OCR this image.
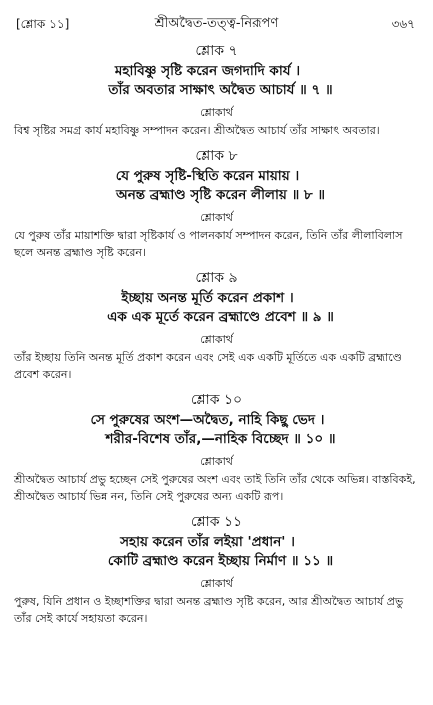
[শ্লোক ১১]	শ্রীঅদ্বৈত-তত্ত্ব-নিরূপণ	৩৬৭
শ্লোক ৭
মহাবিষ্ণু সৃষ্টি করেন জগদাদি কার্য ।
তাঁর অবতার সাক্ষাৎ অদ্বৈত আচার্য ॥ ৭ ॥
শ্লোকার্থ
বিশ্ব সৃষ্টির সমগ্র কার্য মহাবিষ্ণু সম্পাদন করেন। শ্রীঅদ্বৈত আচার্য তাঁর সাক্ষাৎ অবতার।
শ্লোক ৮
যে পুরুষ সৃষ্টি-স্থিতি করেন মায়ায় ।
অনন্ত ব্রহ্মাণ্ড সৃষ্টি করেন লীলায় ॥ ৮ ॥
শ্লোকার্থ
যে পুরুষ তাঁর মায়াশক্তি দ্বারা সৃষ্টিকার্য ও পালনকার্য সম্পাদন করেন, তিনি তাঁর লীলাবিলাস ছলে অনন্ত ব্রহ্মাণ্ড সৃষ্টি করেন।
শ্লোক ৯
ইচ্ছায় অনন্ত মূর্তি করেন প্রকাশ ।
এক এক মূর্তে করেন ব্রহ্মাণ্ডে প্রবেশ ॥ ৯ ॥
শ্লোকার্থ
তাঁর ইচ্ছায় তিনি অনন্ত মূর্তি প্রকাশ করেন এবং সেই এক একটি মূর্তিতে এক একটি ব্রহ্মাণ্ডে প্রবেশ করেন।
শ্লোক ১০
সে পুরুষের অংশ—অদ্বৈত, নাহি কিছু ভেদ ।
শরীর-বিশেষ তাঁর,—নাহিক বিচ্ছেদ ॥ ১০ ॥
শ্লোকার্থ
শ্রীঅদ্বৈত আচার্য প্রভু হচ্ছেন সেই পুরুষের অংশ এবং তাই তিনি তাঁর থেকে অভিন্ন। বাস্তবিকই, শ্রীঅদ্বৈত আচার্য ভিন্ন নন, তিনি সেই পুরুষের অন্য একটি রূপ।
শ্লোক ১১
সহায় করেন তাঁর লইয়া 'প্রধান' ।
কোটি ব্রহ্মাণ্ড করেন ইচ্ছায় নির্মাণ ॥ ১১ ॥
শ্লোকার্থ
পুরুষ, যিনি প্রধান ও ইচ্ছাশক্তির দ্বারা অনন্ত ব্রহ্মাণ্ড সৃষ্টি করেন, আর শ্রীঅদ্বৈত আচার্য প্রভু তাঁর সেই কার্যে সহায়তা করেন।
